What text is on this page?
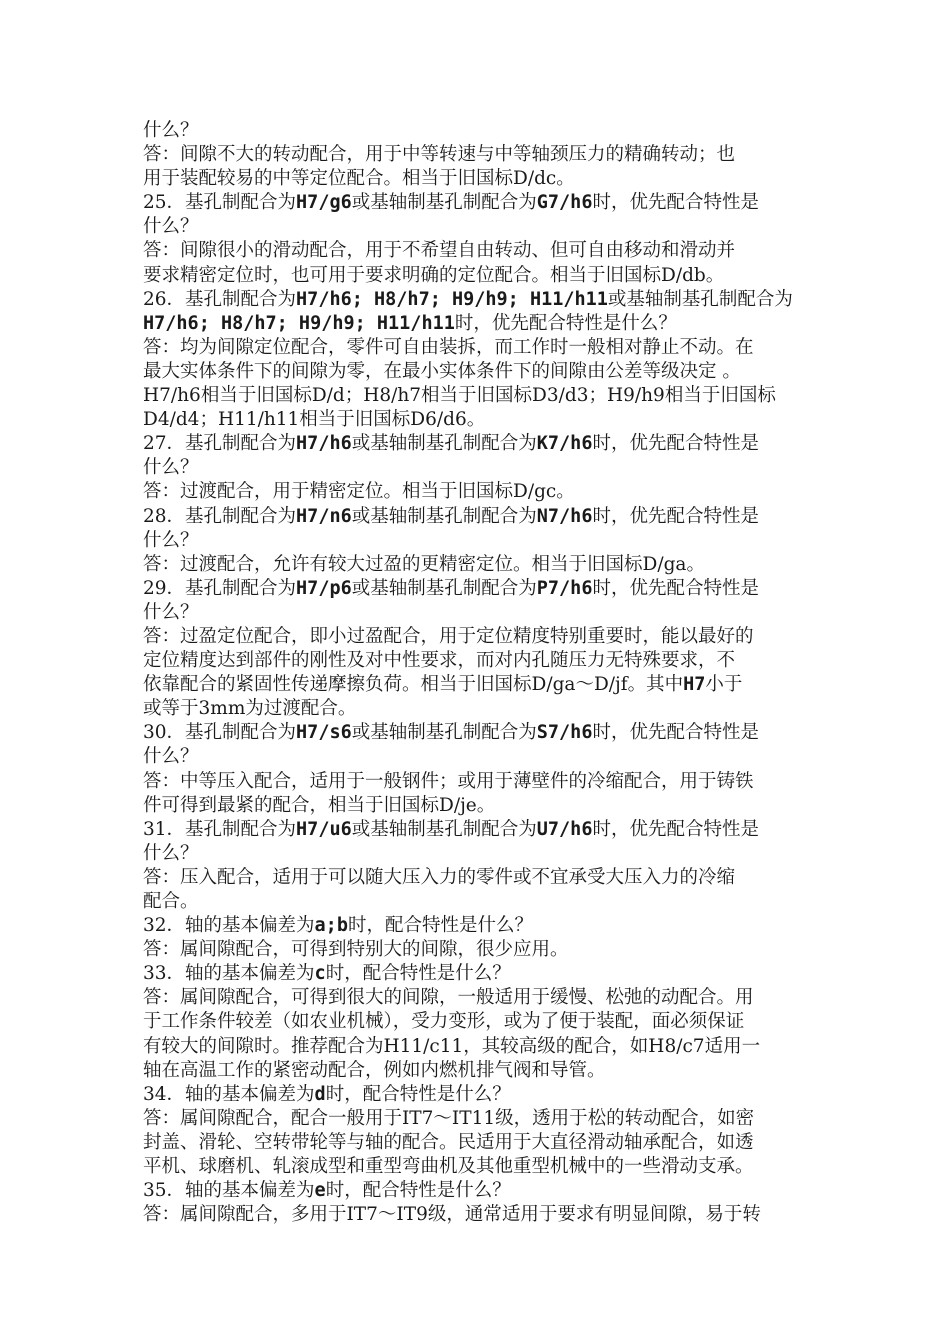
什么？
答：间隙不大的转动配合，用于中等转速与中等轴颈压力的精确转动；也
用于装配较易的中等定位配合。相当于旧国标D/dc。
25．基孔制配合为H7/g6或基轴制基孔制配合为G7/h6时，优先配合特性是
什么？
答：间隙很小的滑动配合，用于不希望自由转动、但可自由移动和滑动并
要求精密定位时，也可用于要求明确的定位配合。相当于旧国标D/db。
26．基孔制配合为H7/h6; H8/h7; H9/h9; H11/h11或基轴制基孔制配合为
H7/h6; H8/h7; H9/h9; H11/h11时，优先配合特性是什么？
答：均为间隙定位配合，零件可自由装拆，而工作时一般相对静止不动。在
最大实体条件下的间隙为零，在最小实体条件下的间隙由公差等级决定 。
H7/h6相当于旧国标D/d；H8/h7相当于旧国标D3/d3；H9/h9相当于旧国标
D4/d4；H11/h11相当于旧国标D6/d6。
27．基孔制配合为H7/h6或基轴制基孔制配合为K7/h6时，优先配合特性是
什么？
答：过渡配合，用于精密定位。相当于旧国标D/gc。
28．基孔制配合为H7/n6或基轴制基孔制配合为N7/h6时，优先配合特性是
什么？
答：过渡配合，允许有较大过盈的更精密定位。相当于旧国标D/ga。
29．基孔制配合为H7/p6或基轴制基孔制配合为P7/h6时，优先配合特性是
什么？
答：过盈定位配合，即小过盈配合，用于定位精度特别重要时，能以最好的
定位精度达到部件的刚性及对中性要求，而对内孔随压力无特殊要求，不
依靠配合的紧固性传递摩擦负荷。相当于旧国标D/ga～D/jf。其中H7小于
或等于3mm为过渡配合。
30．基孔制配合为H7/s6或基轴制基孔制配合为S7/h6时，优先配合特性是
什么？
答：中等压入配合，适用于一般钢件；或用于薄壁件的冷缩配合，用于铸铁
件可得到最紧的配合，相当于旧国标D/je。
31．基孔制配合为H7/u6或基轴制基孔制配合为U7/h6时，优先配合特性是
什么？
答：压入配合，适用于可以随大压入力的零件或不宜承受大压入力的冷缩
配合。
32．轴的基本偏差为a;b时，配合特性是什么？
答：属间隙配合，可得到特别大的间隙，很少应用。
33．轴的基本偏差为c时，配合特性是什么？
答：属间隙配合，可得到很大的间隙，一般适用于缓慢、松弛的动配合。用
于工作条件较差（如农业机械），受力变形，或为了便于装配，面必须保证
有较大的间隙时。推荐配合为H11/c11，其较高级的配合，如H8/c7适用一
轴在高温工作的紧密动配合，例如内燃机排气阀和导管。
34．轴的基本偏差为d时，配合特性是什么？
答：属间隙配合，配合一般用于IT7～IT11级，透用于松的转动配合，如密
封盖、滑轮、空转带轮等与轴的配合。民适用于大直径滑动轴承配合，如透
平机、球磨机、轧滚成型和重型弯曲机及其他重型机械中的一些滑动支承。
35．轴的基本偏差为e时，配合特性是什么？
答：属间隙配合，多用于IT7～IT9级，通常适用于要求有明显间隙，易于转
